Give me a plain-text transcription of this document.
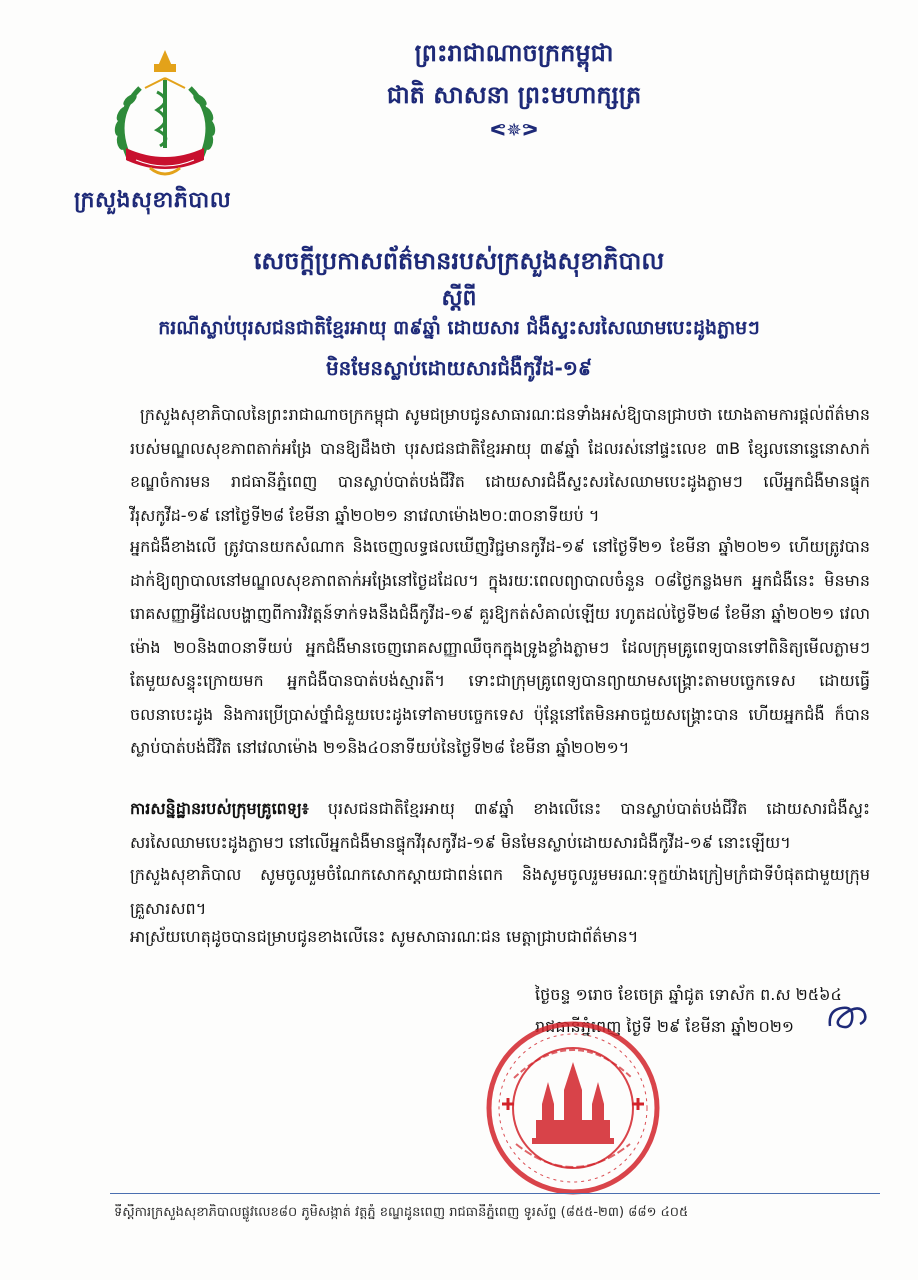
ក្រសួងសុខាភិបាល
ព្រះរាជាណាចក្រកម្ពុជា
ជាតិ សាសនា ព្រះមហាក្សត្រ
ᕙ✵ᕗ
សេចក្តីប្រកាសព័ត៌មានរបស់ក្រសួងសុខាភិបាល
ស្តីពី
ករណីស្លាប់បុរសជនជាតិខ្មែរអាយុ ៣៩ឆ្នាំ ដោយសារ ជំងឺស្ទះសរសៃឈាមបេះដូងភ្លាមៗ
មិនមែនស្លាប់ដោយសារជំងឺកូវីដ-១៩
ក្រសួងសុខាភិបាលនៃព្រះរាជាណាចក្រកម្ពុជា សូមជម្រាបជូនសាធារណៈជនទាំងអស់ឱ្យបានជ្រាបថា យោងតាមការផ្តល់ព័ត៌មានរបស់មណ្ឌលសុខភាពតាក់អង្រែ បានឱ្យដឹងថា បុរសជនជាតិខ្មែរអាយុ ៣៩ឆ្នាំ ដែលរស់នៅផ្ទះលេខ ៣B ខ្សែលនោន្ទេនោសាក់ ខណ្ឌចំការមន រាជធានីភ្នំពេញ បានស្លាប់បាត់បង់ជីវិត ដោយសារជំងឺស្ទះសរសៃឈាមបេះដូងភ្លាមៗ លើអ្នកជំងឺមានផ្ទុកវីរុសកូវីដ-១៩ នៅថ្ងៃទី២៨ ខែមីនា ឆ្នាំ២០២១ នាវេលាម៉ោង២០:៣០នាទីយប់ ។
អ្នកជំងឺខាងលើ ត្រូវបានយកសំណាក និងចេញលទ្ធផលឃើញវិជ្ជមានកូវីដ-១៩ នៅថ្ងៃទី២១ ខែមីនា ឆ្នាំ២០២១ ហើយត្រូវបានដាក់ឱ្យព្យាបាលនៅមណ្ឌលសុខភាពតាក់អង្រែនៅថ្ងៃដដែល។ ក្នុងរយៈពេលព្យាបាលចំនួន ០៨ថ្ងៃកន្លងមក អ្នកជំងឺនេះ មិនមានរោគសញ្ញាអ្វីដែលបង្ហាញពីការវិវត្តន៍ទាក់ទងនឹងជំងឺកូវីដ-១៩ គួរឱ្យកត់សំគាល់ឡើយ រហូតដល់ថ្ងៃទី២៨ ខែមីនា ឆ្នាំ២០២១ វេលាម៉ោង ២០និង៣០នាទីយប់ អ្នកជំងឺមានចេញរោគសញ្ញាឈឺចុកក្នុងទ្រូងខ្លាំងភ្លាមៗ ដែលក្រុមគ្រូពេទ្យបានទៅពិនិត្យមើលភ្លាមៗ តែមួយសន្ទុះក្រោយមក អ្នកជំងឺបានបាត់បង់ស្មារតី។ ទោះជាក្រុមគ្រូពេទ្យបានព្យាយាមសង្គ្រោះតាមបច្ចេកទេស ដោយធ្វើចលនាបេះដូង និងការប្រើប្រាស់ថ្នាំជំនួយបេះដូងទៅតាមបច្ចេកទេស ប៉ុន្តែនៅតែមិនអាចជួយសង្គ្រោះបាន ហើយអ្នកជំងឺ ក៏បានស្លាប់បាត់បង់ជីវិត នៅវេលាម៉ោង ២១និង៤០នាទីយប់នៃថ្ងៃទី២៨ ខែមីនា ឆ្នាំ២០២១។
ការសន្និដ្ឋានរបស់ក្រុមគ្រូពេទ្យ៖ បុរសជនជាតិខ្មែរអាយុ ៣៩ឆ្នាំ ខាងលើនេះ បានស្លាប់បាត់បង់ជីវិត ដោយសារជំងឺស្ទះសរសៃឈាមបេះដូងភ្លាមៗ នៅលើអ្នកជំងឺមានផ្ទុកវីរុសកូវីដ-១៩ មិនមែនស្លាប់ដោយសារជំងឺកូវីដ-១៩ នោះឡើយ។
ក្រសួងសុខាភិបាល សូមចូលរួមចំណែកសោកស្តាយជាពន់ពេក និងសូមចូលរួមមរណៈទុក្ខយ៉ាងក្រៀមក្រំជាទីបំផុតជាមួយក្រុមគ្រួសារសព។
អាស្រ័យហេតុដូចបានជម្រាបជូនខាងលើនេះ សូមសាធារណៈជន មេត្តាជ្រាបជាព័ត៌មាន។
ថ្ងៃចន្ទ ១រោច ខែចេត្រ ឆ្នាំជូត ទោស័ក ព.ស ២៥៦៤
រាជធានីភ្នំពេញ ថ្ងៃទី ២៩ ខែមីនា ឆ្នាំ២០២១
ទីស្តីការក្រសួងសុខាភិបាលផ្លូវលេខ៨០ ភូមិសង្កាត់ វត្តភ្នំ ខណ្ឌដូនពេញ រាជធានីភ្នំពេញ ទូរស័ព្ទ (៨៥៥-២៣) ៨៨១ ៤០៥
